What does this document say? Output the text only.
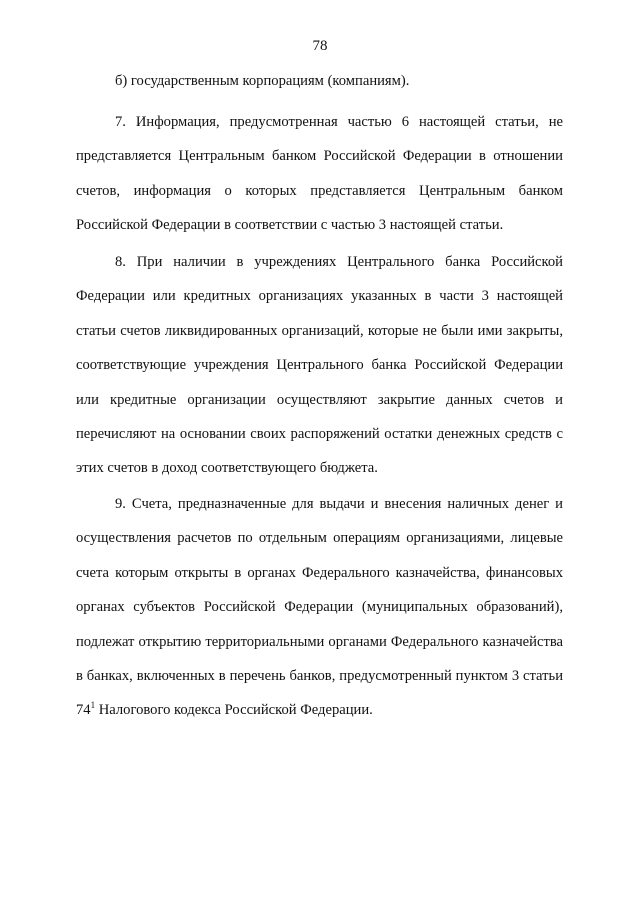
78

б) государственным корпорациям (компаниям).

7. Информация, предусмотренная частью 6 настоящей статьи, не представляется Центральным банком Российской Федерации в отношении счетов, информация о которых представляется Центральным банком Российской Федерации в соответствии с частью 3 настоящей статьи.

8. При наличии в учреждениях Центрального банка Российской Федерации или кредитных организациях указанных в части 3 настоящей статьи счетов ликвидированных организаций, которые не были ими закрыты, соответствующие учреждения Центрального банка Российской Федерации или кредитные организации осуществляют закрытие данных счетов и перечисляют на основании своих распоряжений остатки денежных средств с этих счетов в доход соответствующего бюджета.

9. Счета, предназначенные для выдачи и внесения наличных денег и осуществления расчетов по отдельным операциям организациями, лицевые счета которым открыты в органах Федерального казначейства, финансовых органах субъектов Российской Федерации (муниципальных образований), подлежат открытию территориальными органами Федерального казначейства в банках, включенных в перечень банков, предусмотренный пунктом 3 статьи $74^1$ Налогового кодекса Российской Федерации.
